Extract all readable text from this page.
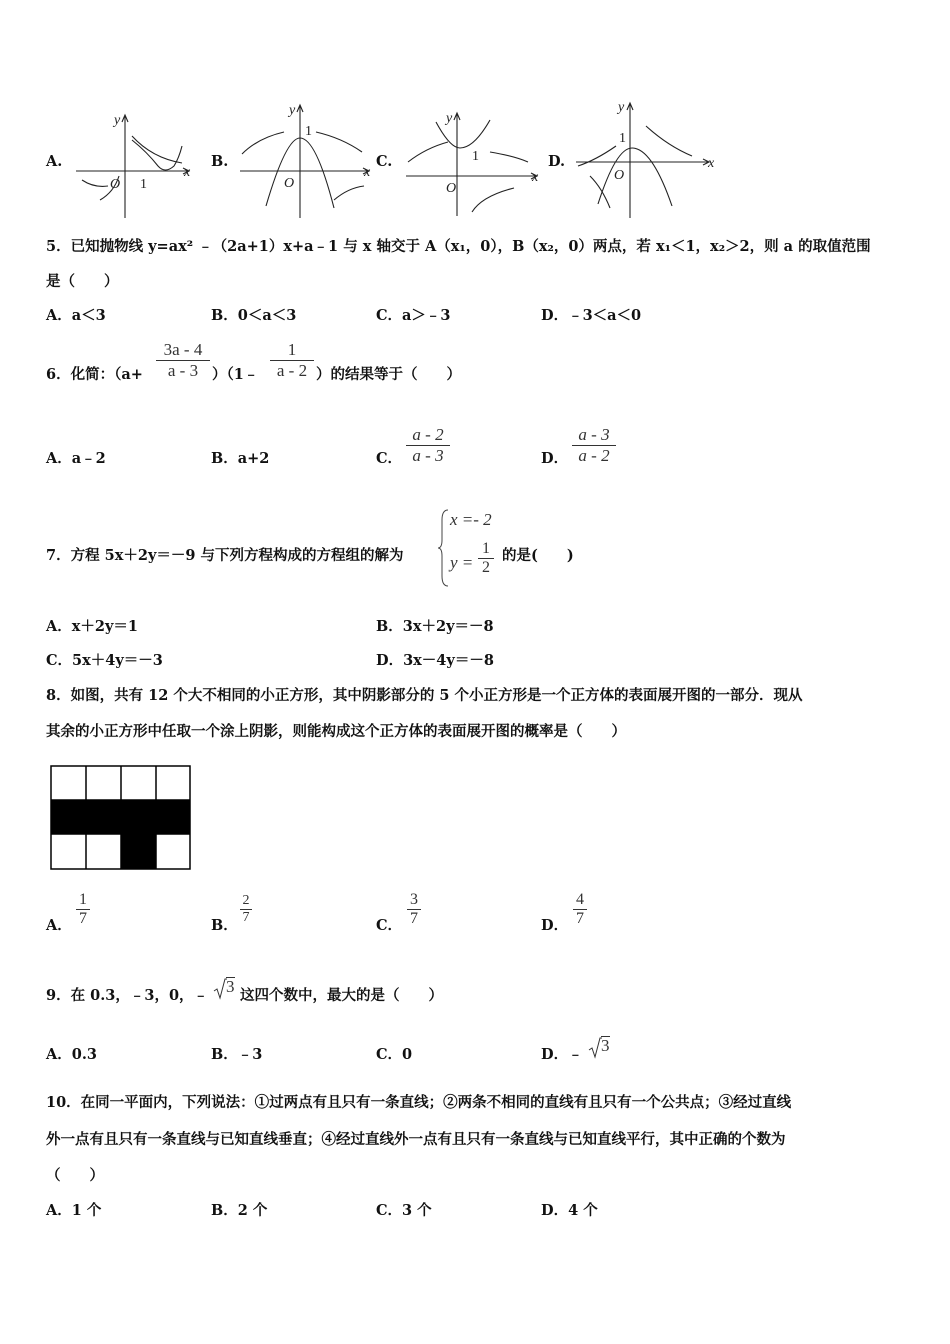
A.
y
x
O 1
B.
y
x
O
1
C.
y
x
O
1	D.
y
x
O
1
5．已知抛物线 y=ax² ﹣（2a+1）x+a﹣1 与 x 轴交于 A（x₁，0），B（x₂，0）两点，若 x₁＜1，x₂＞2，则 a 的取值范围
是（　　）
A．a＜3	B．0＜a＜3	C．a＞﹣3	D．﹣3＜a＜0
6．化简：（a+
3a - 4
a - 3 ）（1﹣
1
a - 2 ）的结果等于（　　）
A．a﹣2	B．a+2	C．
a - 2
a - 3	D．
a - 3
a - 2
7．方程 5x＋2y＝－9 与下列方程构成的方程组的解为
x =- 2
y =
1
2
的是(　　)
A．x＋2y＝1	B．3x＋2y＝－8
C．5x＋4y＝－3	D．3x－4y＝－8
8．如图，共有 12 个大不相同的小正方形，其中阴影部分的 5 个小正方形是一个正方体的表面展开图的一部分．现从
其余的小正方形中任取一个涂上阴影，则能构成这个正方体的表面展开图的概率是（　　）
A．
1
7	B．
2
7	C．
3
7	D．
4
7
9．在 0.3，﹣3，0，﹣ 3 这四个数中，最大的是（　　）
A．0.3	B．﹣3	C．0	D．﹣ 3
10．在同一平面内，下列说法：①过两点有且只有一条直线；②两条不相同的直线有且只有一个公共点；③经过直线
外一点有且只有一条直线与已知直线垂直；④经过直线外一点有且只有一条直线与已知直线平行，其中正确的个数为
（　　）
A．1 个	B．2 个	C．3 个	D．4 个
